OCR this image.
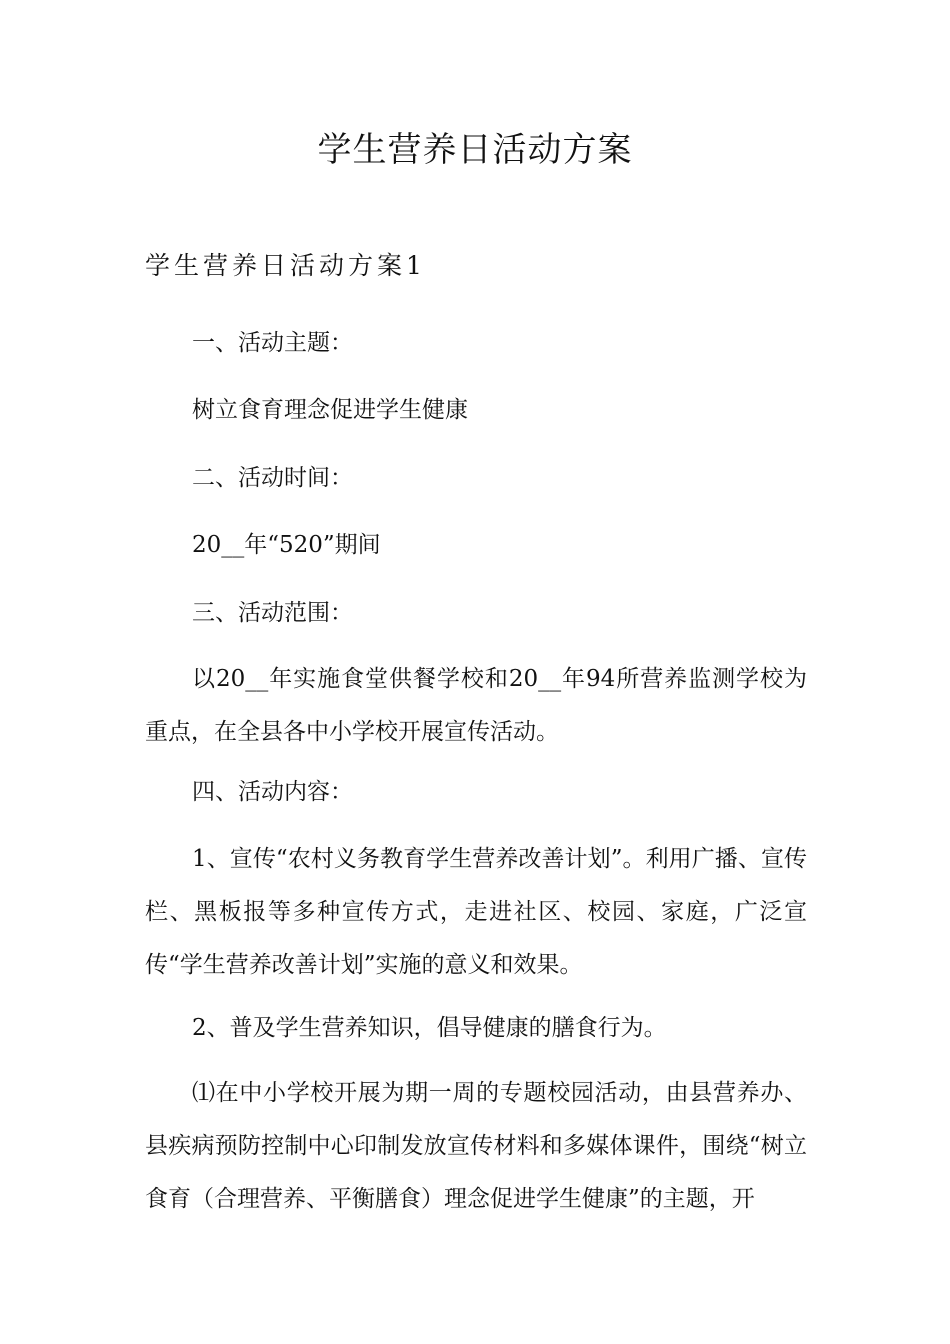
学生营养日活动方案
学生营养日活动方案1

一、活动主题：

树立食育理念促进学生健康

二、活动时间：

20__年“520”期间

三、活动范围：

以20__年实施食堂供餐学校和20__年94所营养监测学校为重点，在全县各中小学校开展宣传活动。

四、活动内容：

1、宣传“农村义务教育学生营养改善计划”。利用广播、宣传栏、黑板报等多种宣传方式，走进社区、校园、家庭，广泛宣传“学生营养改善计划”实施的意义和效果。

2、普及学生营养知识，倡导健康的膳食行为。

⑴在中小学校开展为期一周的专题校园活动，由县营养办、县疾病预防控制中心印制发放宣传材料和多媒体课件，围绕“树立食育（合理营养、平衡膳食）理念促进学生健康”的主题，开
